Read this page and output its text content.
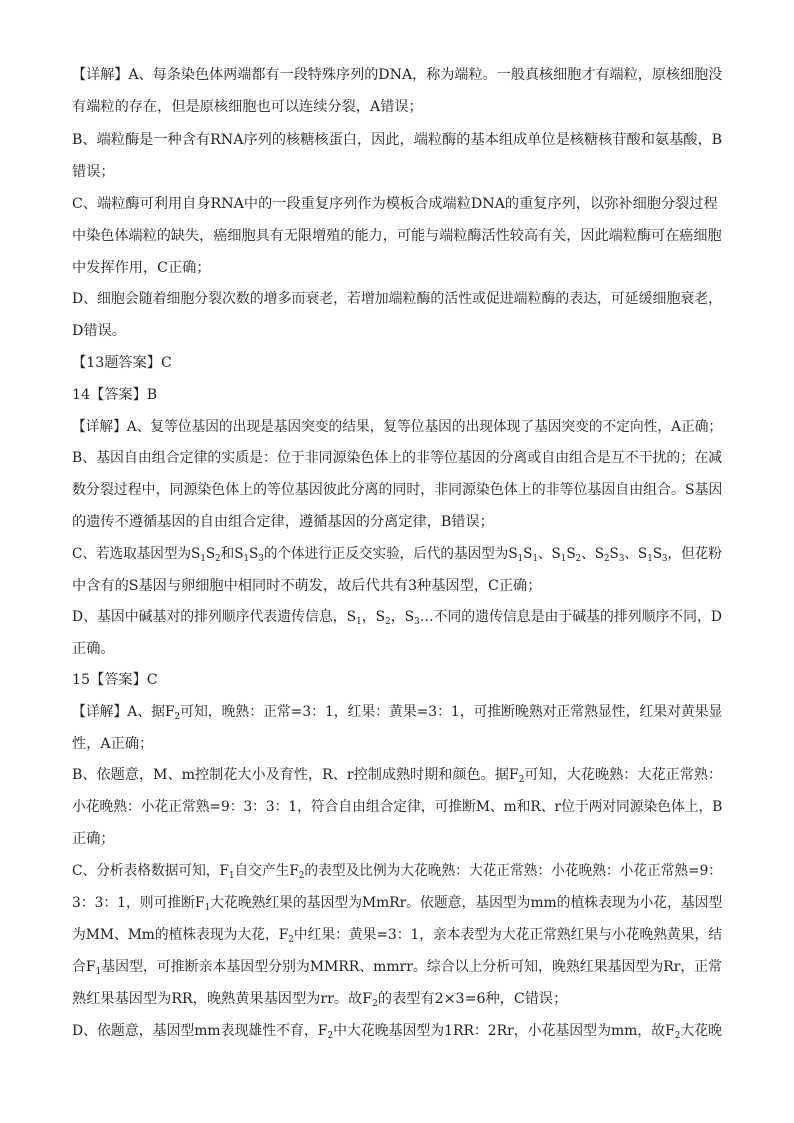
【详解】A、每条染色体两端都有一段特殊序列的DNA，称为端粒。一般真核细胞才有端粒，原核细胞没
有端粒的存在，但是原核细胞也可以连续分裂，A错误；
B、端粒酶是一种含有RNA序列的核糖核蛋白，因此，端粒酶的基本组成单位是核糖核苷酸和氨基酸，B
错误；
C、端粒酶可利用自身RNA中的一段重复序列作为模板合成端粒DNA的重复序列，以弥补细胞分裂过程
中染色体端粒的缺失，癌细胞具有无限增殖的能力，可能与端粒酶活性较高有关，因此端粒酶可在癌细胞
中发挥作用，C正确；
D、细胞会随着细胞分裂次数的增多而衰老，若增加端粒酶的活性或促进端粒酶的表达，可延缓细胞衰老，
D错误。
【13题答案】C
14【答案】B
【详解】A、复等位基因的出现是基因突变的结果，复等位基因的出现体现了基因突变的不定向性，A正确；
B、基因自由组合定律的实质是：位于非同源染色体上的非等位基因的分离或自由组合是互不干扰的；在减
数分裂过程中，同源染色体上的等位基因彼此分离的同时，非同源染色体上的非等位基因自由组合。S基因
的遗传不遵循基因的自由组合定律，遵循基因的分离定律，B错误；
C、若选取基因型为$S_1S_2$和$S_1S_3$的个体进行正反交实验，后代的基因型为$S_1S_1$、$S_1S_2$、$S_2S_3$、$S_1S_3$，但花粉
中含有的S基因与卵细胞中相同时不萌发，故后代共有3种基因型，C正确；
D、基因中碱基对的排列顺序代表遗传信息，$S_1$，$S_2$，$S_3\dots$不同的遗传信息是由于碱基的排列顺序不同，D
正确。
15【答案】C
【详解】A、据$F_2$可知，晚熟：正常=3：1，红果：黄果=3：1，可推断晚熟对正常熟显性，红果对黄果显
性，A正确；
B、依题意，M、m控制花大小及育性，R、r控制成熟时期和颜色。据$F_2$可知，大花晚熟：大花正常熟：
小花晚熟：小花正常熟=9：3：3：1，符合自由组合定律，可推断M、m和R、r位于两对同源染色体上，B
正确；
C、分析表格数据可知，$F_1$自交产生$F_2$的表型及比例为大花晚熟：大花正常熟：小花晚熟：小花正常熟=9：
3：3：1，则可推断$F_1$大花晚熟红果的基因型为MmRr。依题意，基因型为mm的植株表现为小花，基因型
为MM、Mm的植株表现为大花，$F_2$中红果：黄果=3：1，亲本表型为大花正常熟红果与小花晚熟黄果，结
合$F_1$基因型，可推断亲本基因型分别为MMRR、mmrr。综合以上分析可知，晚熟红果基因型为Rr，正常
熟红果基因型为RR，晚熟黄果基因型为rr。故$F_2$的表型有2×3=6种，C错误；
D、依题意，基因型mm表现雄性不育，$F_2$中大花晚基因型为1RR：2Rr，小花基因型为mm，故$F_2$大花晚
